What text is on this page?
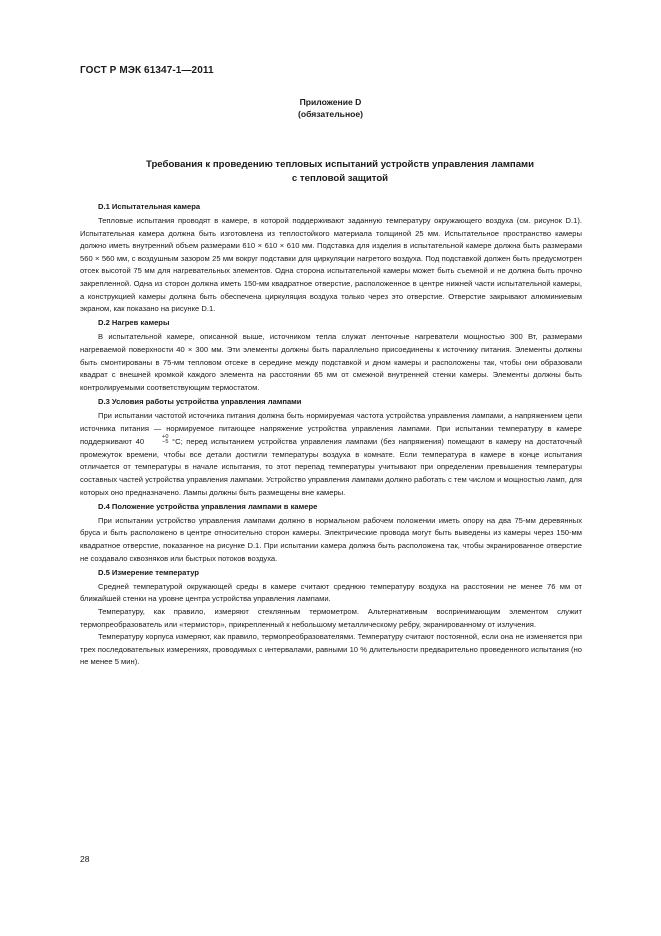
ГОСТ Р МЭК 61347-1—2011
Приложение D
(обязательное)
Требования к проведению тепловых испытаний устройств управления лампами
с тепловой защитой
D.1 Испытательная камера

Тепловые испытания проводят в камере, в которой поддерживают заданную температуру окружающего воздуха (см. рисунок D.1). Испытательная камера должна быть изготовлена из теплостойкого материала толщиной 25 мм. Испытательное пространство камеры должно иметь внутренний объем размерами 610 × 610 × 610 мм. Подставка для изделия в испытательной камере должна быть размерами 560 × 560 мм, с воздушным зазором 25 мм вокруг подставки для циркуляции нагретого воздуха. Под подставкой должен быть предусмотрен отсек высотой 75 мм для нагревательных элементов. Одна сторона испытательной камеры может быть съемной и не должна быть прочно закрепленной. Одна из сторон должна иметь 150-мм квадратное отверстие, расположенное в центре нижней части испытательной камеры, а конструкцией камеры должна быть обеспечена циркуляция воздуха только через это отверстие. Отверстие закрывают алюминиевым экраном, как показано на рисунке D.1.

D.2 Нагрев камеры

В испытательной камере, описанной выше, источником тепла служат ленточные нагреватели мощностью 300 Вт, размерами нагреваемой поверхности 40 × 300 мм. Эти элементы должны быть параллельно присоединены к источнику питания. Элементы должны быть смонтированы в 75-мм тепловом отсеке в середине между подставкой и дном камеры и расположены так, чтобы они образовали квадрат с внешней кромкой каждого элемента на расстоянии 65 мм от смежной внутренней стенки камеры. Элементы должны быть контролируемыми соответствующим термостатом.

D.3 Условия работы устройства управления лампами

При испытании частотой источника питания должна быть нормируемая частота устройства управления лампами, а напряжением цепи источника питания — нормируемое питающее напряжение устройства управления лампами. При испытании температуру в камере поддерживают 40	+0
−5 °С; перед испытанием устройства управления лампами (без напряжения) помещают в камеру на достаточный промежуток времени, чтобы все детали достигли температуры воздуха в комнате. Если температура в камере в конце испытания отличается от температуры в начале испытания, то этот перепад температуры учитывают при определении превышения температуры составных частей устройства управления лампами. Устройство управления лампами должно работать с тем числом и мощностью ламп, для которых оно предназначено. Лампы должны быть размещены вне камеры.

D.4 Положение устройства управления лампами в камере

При испытании устройство управления лампами должно в нормальном рабочем положении иметь опору на два 75-мм деревянных бруса и быть расположено в центре относительно сторон камеры. Электрические провода могут быть выведены из камеры через 150-мм квадратное отверстие, показанное на рисунке D.1. При испытании камера должна быть расположена так, чтобы экранированное отверстие не создавало сквозняков или быстрых потоков воздуха.

D.5 Измерение температур

Средней температурой окружающей среды в камере считают среднюю температуру воздуха на расстоянии не менее 76 мм от ближайшей стенки на уровне центра устройства управления лампами.

Температуру, как правило, измеряют стеклянным термометром. Альтернативным воспринимающим элементом служит термопреобразователь или «термистор», прикрепленный к небольшому металлическому ребру, экранированному от излучения.

Температуру корпуса измеряют, как правило, термопреобразователями. Температуру считают постоянной, если она не изменяется при трех последовательных измерениях, проводимых с интервалами, равными 10 % длительности предварительно проведенного испытания (но не менее 5 мин).

28
